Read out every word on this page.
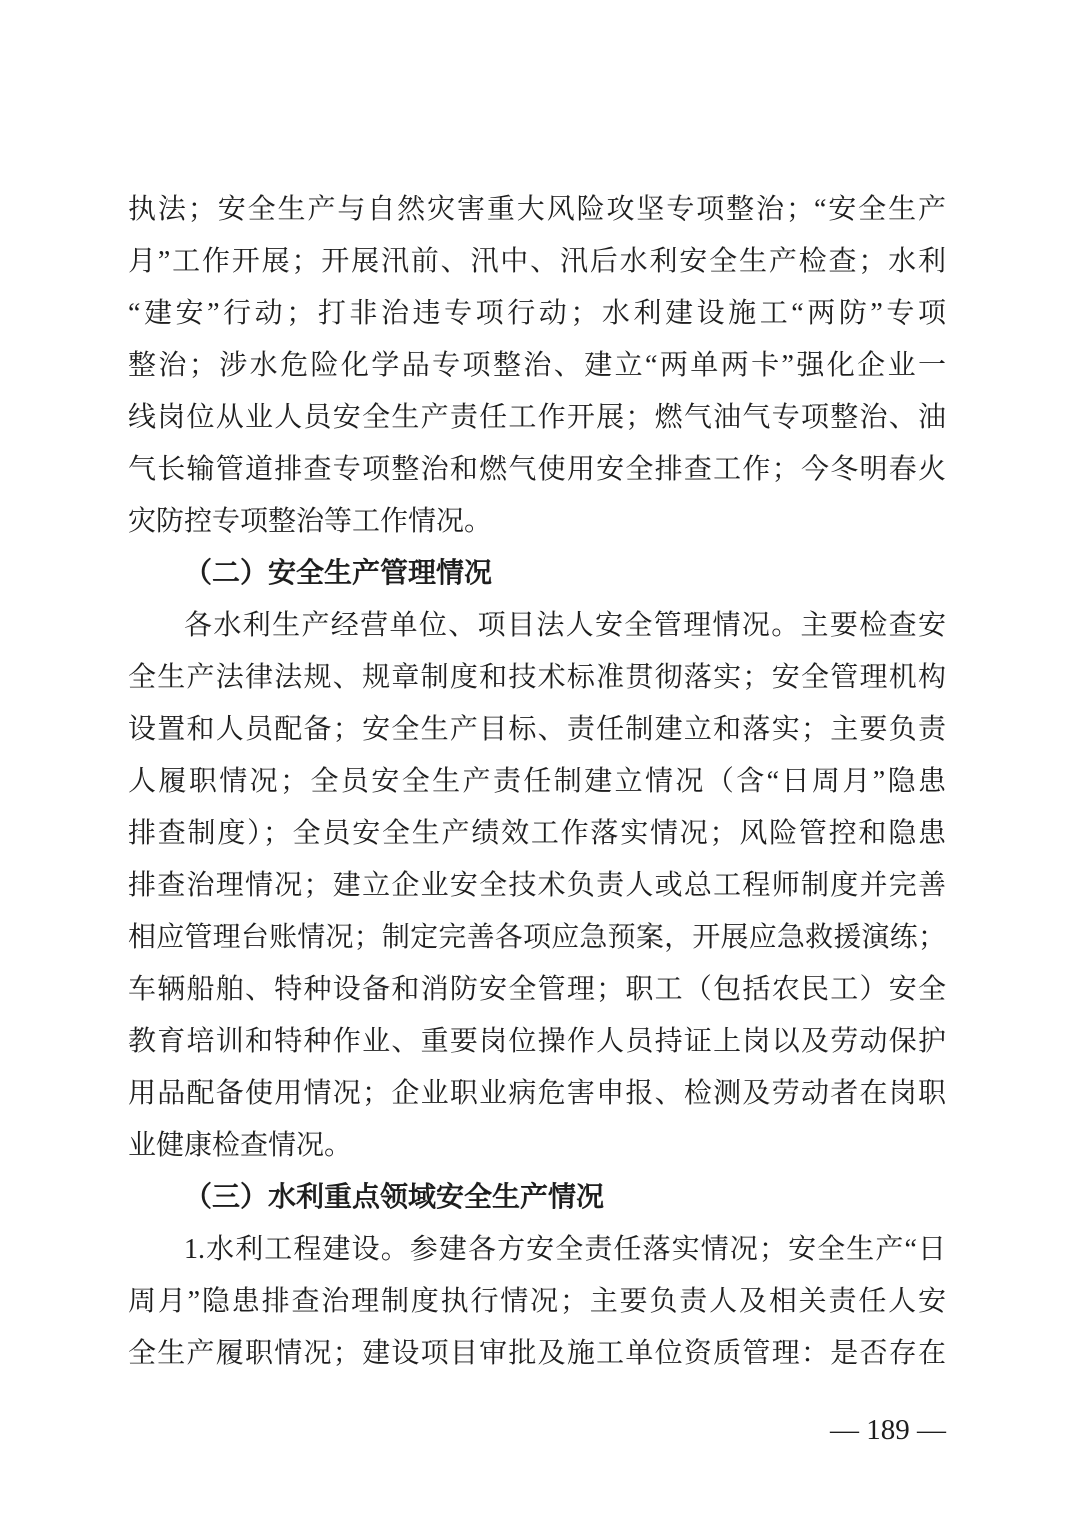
执法；安全生产与自然灾害重大风险攻坚专项整治；“安全生产

月”工作开展；开展汛前、汛中、汛后水利安全生产检查；水利

“建安”行动；打非治违专项行动；水利建设施工“两防”专项

整治；涉水危险化学品专项整治、建立“两单两卡”强化企业一

线岗位从业人员安全生产责任工作开展；燃气油气专项整治、油

气长输管道排查专项整治和燃气使用安全排查工作；今冬明春火

灾防控专项整治等工作情况。

（二）安全生产管理情况

各水利生产经营单位、项目法人安全管理情况。主要检查安

全生产法律法规、规章制度和技术标准贯彻落实；安全管理机构

设置和人员配备；安全生产目标、责任制建立和落实；主要负责

人履职情况；全员安全生产责任制建立情况（含“日周月”隐患

排查制度）；全员安全生产绩效工作落实情况；风险管控和隐患

排查治理情况；建立企业安全技术负责人或总工程师制度并完善

相应管理台账情况；制定完善各项应急预案，开展应急救援演练；

车辆船舶、特种设备和消防安全管理；职工（包括农民工）安全

教育培训和特种作业、重要岗位操作人员持证上岗以及劳动保护

用品配备使用情况；企业职业病危害申报、检测及劳动者在岗职

业健康检查情况。

（三）水利重点领域安全生产情况

1.水利工程建设。参建各方安全责任落实情况；安全生产“日

周月”隐患排查治理制度执行情况；主要负责人及相关责任人安

全生产履职情况；建设项目审批及施工单位资质管理：是否存在

— 189 —
